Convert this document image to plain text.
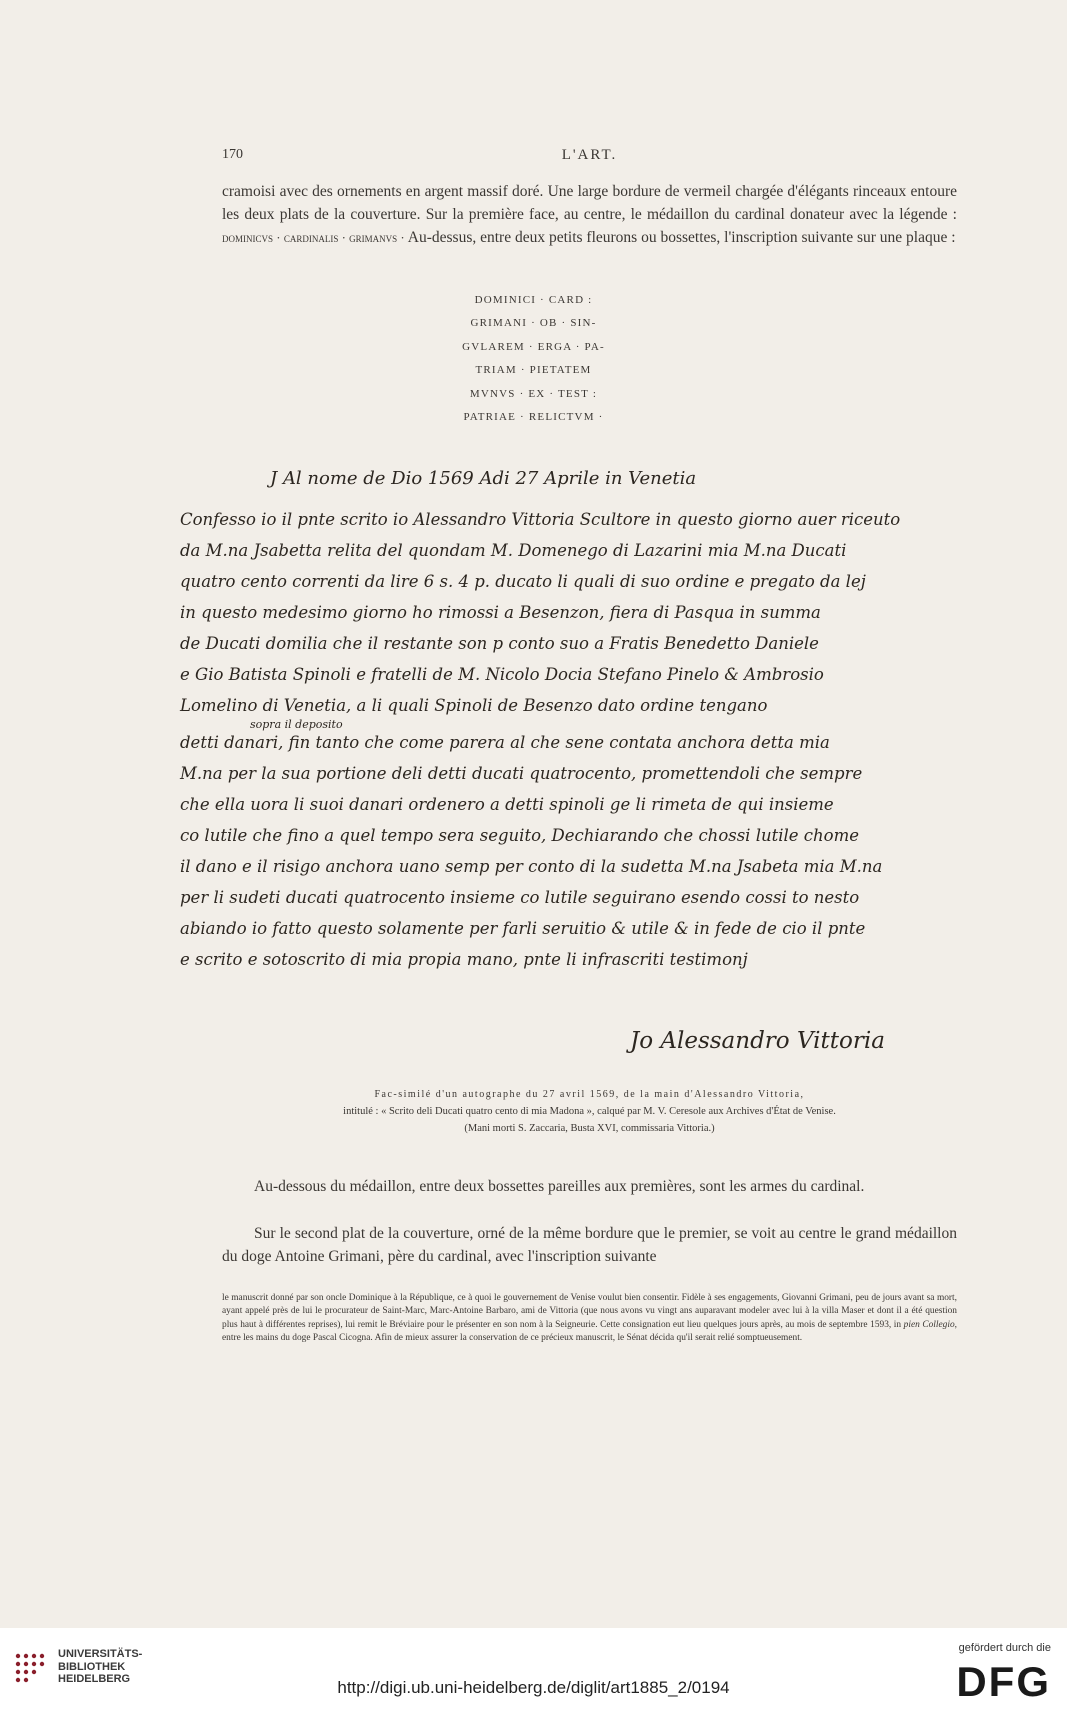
170	L'ART.

cramoisi avec des ornements en argent massif doré. Une large bordure de vermeil chargée d'élégants rinceaux entoure les deux plats de la couverture. Sur la première face, au centre, le médaillon du cardinal donateur avec la légende : dominicvs · cardinalis · grimanvs · Au-dessus, entre deux petits fleurons ou bossettes, l'inscription suivante sur une plaque :

DOMINICI · CARD :
GRIMANI · OB · SIN-
GVLAREM · ERGA · PA-
TRIAM · PIETATEM
MVNVS · EX · TEST :
PATRIAE · RELICTVM ·
J Al nome de Dio 1569 Adi 27 Aprile in Venetia
Confesso io il pnte scrito io Alessandro Vittoria Scultore in questo giorno auer riceuto
da M.na Jsabetta relita del quondam M. Domenego di Lazarini mia M.na Ducati
quatro cento correnti da lire 6 s. 4 p. ducato li quali di suo ordine e pregato da lej
in questo medesimo giorno ho rimossi a Besenzon, fiera di Pasqua in summa
de Ducati domilia che il restante son p conto suo a Fratis Benedetto Daniele
e Gio Batista Spinoli e fratelli de M. Nicolo Docia Stefano Pinelo & Ambrosio
Lomelino di Venetia, a li quali Spinoli de Besenzo dato ordine tengano
sopra il deposito
detti danari, fin tanto che come parera al che sene contata anchora detta mia
M.na per la sua portione deli detti ducati quatrocento, promettendoli che sempre
che ella uora li suoi danari ordenero a detti spinoli ge li rimeta de qui insieme
co lutile che fino a quel tempo sera seguito, Dechiarando che chossi lutile chome
il dano e il risigo anchora uano semp per conto di la sudetta M.na Jsabeta mia M.na
per li sudeti ducati quatrocento insieme co lutile seguirano esendo cossi to nesto
abiando io fatto questo solamente per farli seruitio & utile & in fede de cio il pnte
e scrito e sotoscrito di mia propia mano, pnte li infrascriti testimonj
Jo Alessandro Vittoria
Fac-similé d'un autographe du 27 avril 1569, de la main d'Alessandro Vittoria,
intitulé : « Scrito deli Ducati quatro cento di mia Madona », calqué par M. V. Ceresole aux Archives d'État de Venise.
(Mani morti S. Zaccaria, Busta XVI, commissaria Vittoria.)

Au-dessous du médaillon, entre deux bossettes pareilles aux premières, sont les armes du cardinal.

Sur le second plat de la couverture, orné de la même bordure que le premier, se voit au centre le grand médaillon du doge Antoine Grimani, père du cardinal, avec l'inscription suivante

le manuscrit donné par son oncle Dominique à la République, ce à quoi le gouvernement de Venise voulut bien consentir. Fidèle à ses engagements, Giovanni Grimani, peu de jours avant sa mort, ayant appelé près de lui le procurateur de Saint-Marc, Marc-Antoine Barbaro, ami de Vittoria (que nous avons vu vingt ans auparavant modeler avec lui à la villa Maser et dont il a été question plus haut à différentes reprises), lui remit le Bréviaire pour le présenter en son nom à la Seigneurie. Cette consignation eut lieu quelques jours après, au mois de septembre 1593, in pien Collegio, entre les mains du doge Pascal Cicogna. Afin de mieux assurer la conservation de ce précieux manuscrit, le Sénat décida qu'il serait relié somptueusement.

UNIVERSITÄTS-
BIBLIOTHEK
HEIDELBERG	http://digi.ub.uni-heidelberg.de/diglit/art1885_2/0194
gefördert durch die
DFG
